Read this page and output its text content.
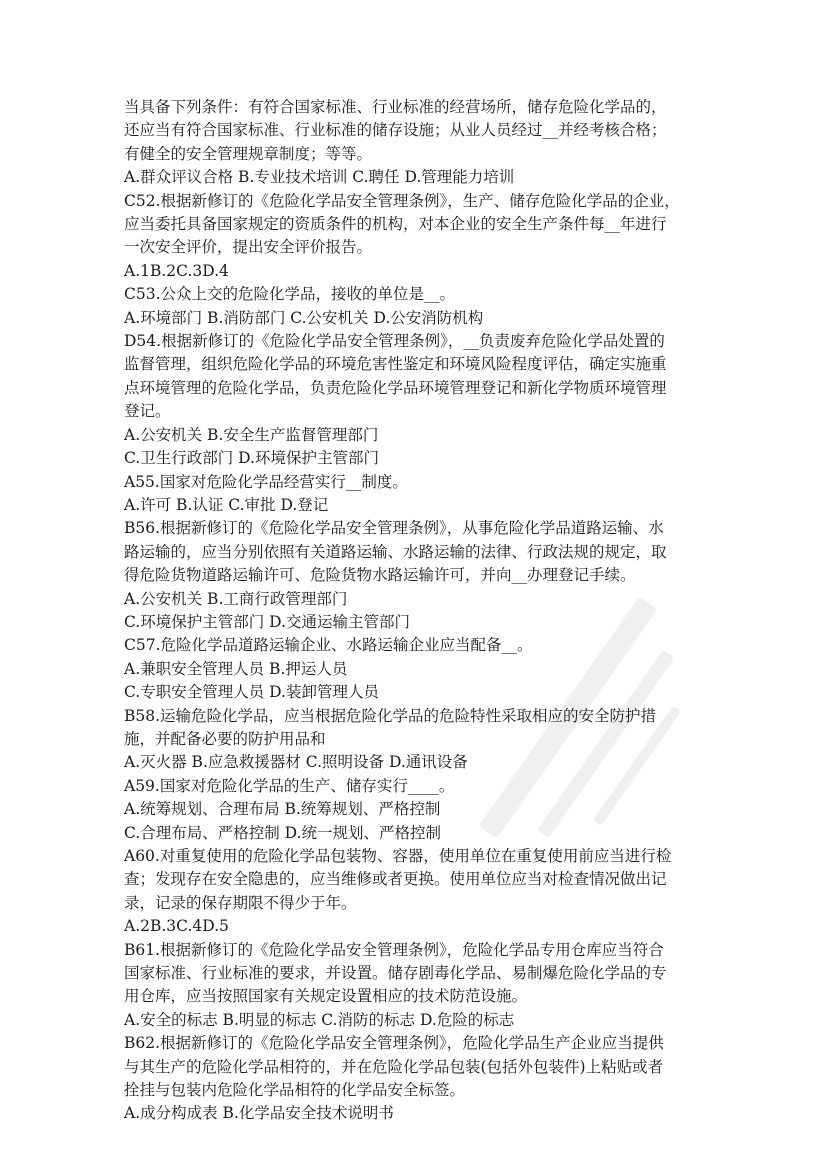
当具备下列条件：有符合国家标准、行业标准的经营场所，储存危险化学品的，

还应当有符合国家标准、行业标准的储存设施；从业人员经过__并经考核合格；

有健全的安全管理规章制度；等等。

A.群众评议合格 B.专业技术培训 C.聘任 D.管理能力培训

C52.根据新修订的《危险化学品安全管理条例》，生产、储存危险化学品的企业，

应当委托具备国家规定的资质条件的机构，对本企业的安全生产条件每__年进行

一次安全评价，提出安全评价报告。

A.1B.2C.3D.4

C53.公众上交的危险化学品，接收的单位是__。

A.环境部门 B.消防部门 C.公安机关 D.公安消防机构

D54.根据新修订的《危险化学品安全管理条例》，__负责废弃危险化学品处置的

监督管理，组织危险化学品的环境危害性鉴定和环境风险程度评估，确定实施重

点环境管理的危险化学品，负责危险化学品环境管理登记和新化学物质环境管理

登记。

A.公安机关 B.安全生产监督管理部门

C.卫生行政部门 D.环境保护主管部门

A55.国家对危险化学品经营实行__制度。

A.许可 B.认证 C.审批 D.登记

B56.根据新修订的《危险化学品安全管理条例》，从事危险化学品道路运输、水

路运输的，应当分别依照有关道路运输、水路运输的法律、行政法规的规定，取

得危险货物道路运输许可、危险货物水路运输许可，并向__办理登记手续。

A.公安机关 B.工商行政管理部门

C.环境保护主管部门 D.交通运输主管部门

C57.危险化学品道路运输企业、水路运输企业应当配备__。

A.兼职安全管理人员 B.押运人员

C.专职安全管理人员 D.装卸管理人员

B58.运输危险化学品，应当根据危险化学品的危险特性采取相应的安全防护措

施，并配备必要的防护用品和

A.灭火器 B.应急救援器材 C.照明设备 D.通讯设备

A59.国家对危险化学品的生产、储存实行____。

A.统筹规划、合理布局 B.统筹规划、严格控制

C.合理布局、严格控制 D.统一规划、严格控制

A60.对重复使用的危险化学品包装物、容器，使用单位在重复使用前应当进行检

查；发现存在安全隐患的，应当维修或者更换。使用单位应当对检查情况做出记

录，记录的保存期限不得少于年。

A.2B.3C.4D.5

B61.根据新修订的《危险化学品安全管理条例》，危险化学品专用仓库应当符合

国家标准、行业标准的要求，并设置。储存剧毒化学品、易制爆危险化学品的专

用仓库，应当按照国家有关规定设置相应的技术防范设施。

A.安全的标志 B.明显的标志 C.消防的标志 D.危险的标志

B62.根据新修订的《危险化学品安全管理条例》，危险化学品生产企业应当提供

与其生产的危险化学品相符的，并在危险化学品包装(包括外包装件)上粘贴或者

拴挂与包装内危险化学品相符的化学品安全标签。

A.成分构成表 B.化学品安全技术说明书
